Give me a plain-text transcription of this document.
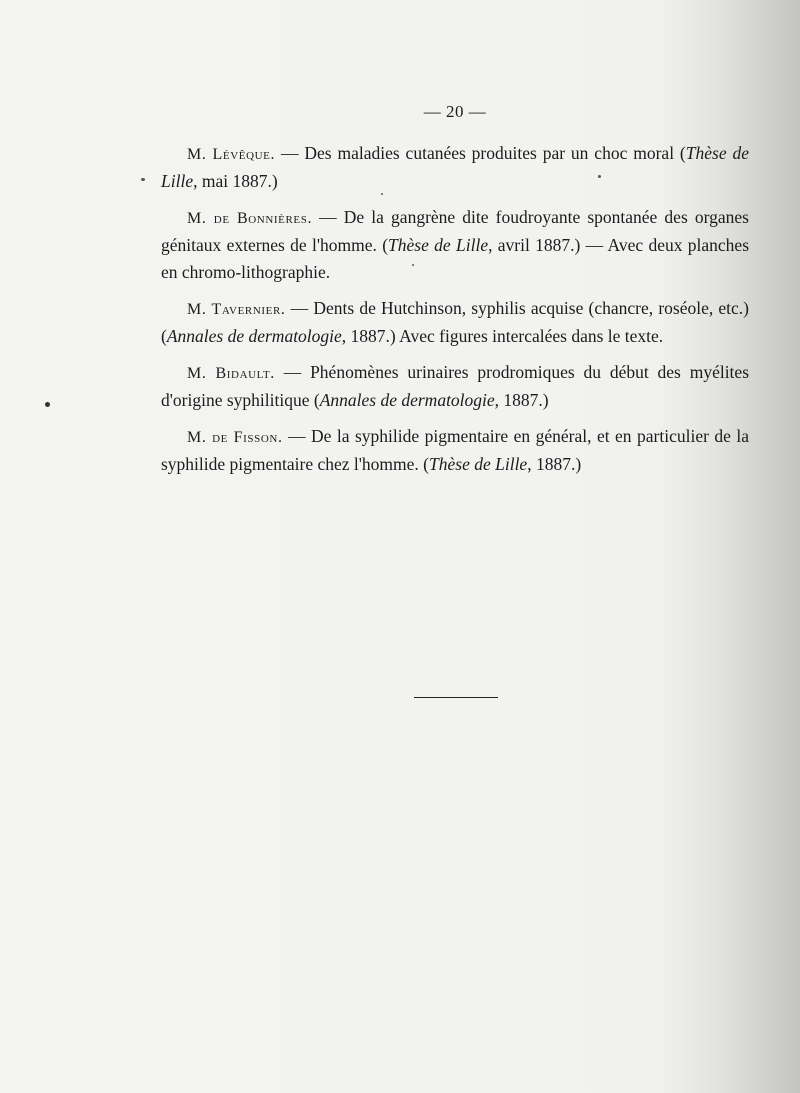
— 20 —

M. Lévêque. — Des maladies cutanées produites par un choc moral (Thèse de Lille, mai 1887.)

M. de Bonnières. — De la gangrène dite foudroyante spontanée des organes génitaux externes de l'homme. (Thèse de Lille, avril 1887.) — Avec deux planches en chromo-lithographie.

M. Tavernier. — Dents de Hutchinson, syphilis acquise (chancre, roséole, etc.) (Annales de dermatologie, 1887.) Avec figures intercalées dans le texte.

M. Bidault. — Phénomènes urinaires prodromiques du début des myélites d'origine syphilitique (Annales de dermatologie, 1887.)

M. de Fisson. — De la syphilide pigmentaire en général, et en particulier de la syphilide pigmentaire chez l'homme. (Thèse de Lille, 1887.)
